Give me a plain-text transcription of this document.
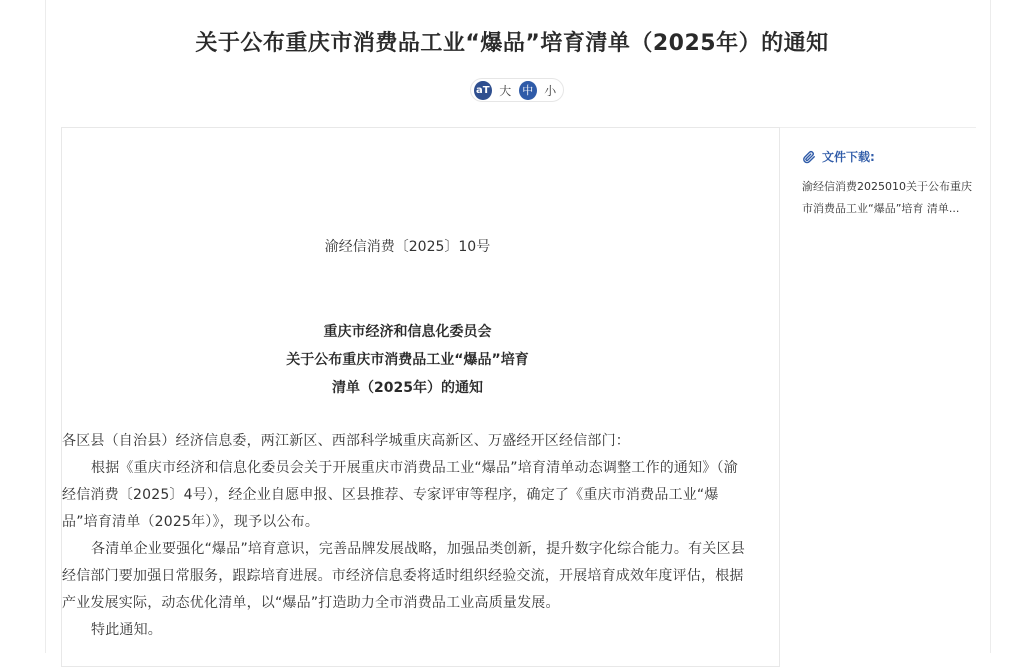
关于公布重庆市消费品工业“爆品”培育清单（2025年）的通知
aT 大 中 小
渝经信消费〔2025〕10号
重庆市经济和信息化委员会
关于公布重庆市消费品工业“爆品”培育
清单（2025年）的通知

各区县（自治县）经济信息委，两江新区、西部科学城重庆高新区、万盛经开区经信部门：

根据《重庆市经济和信息化委员会关于开展重庆市消费品工业“爆品”培育清单动态调整工作的通知》（渝经信消费〔2025〕4号），经企业自愿申报、区县推荐、专家评审等程序，确定了《重庆市消费品工业“爆品”培育清单（2025年）》，现予以公布。

各清单企业要强化“爆品”培育意识，完善品牌发展战略，加强品类创新，提升数字化综合能力。有关区县经信部门要加强日常服务，跟踪培育进展。市经济信息委将适时组织经验交流，开展培育成效年度评估，根据产业发展实际，动态优化清单，以“爆品”打造助力全市消费品工业高质量发展。

特此通知。

文件下载:
渝经信消费2025010关于公布重庆市消费品工业“爆品”培育 清单...
